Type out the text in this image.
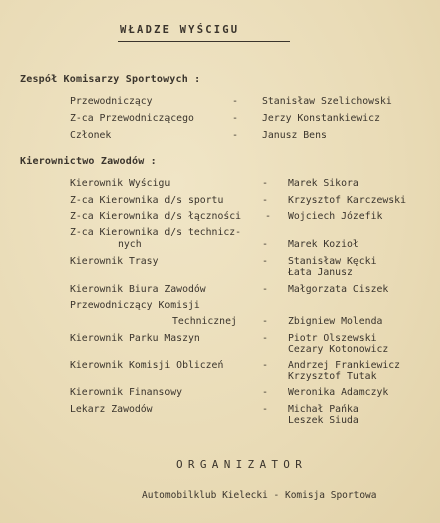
WŁADZE WYŚCIGU
Zespół Komisarzy Sportowych :
Przewodniczący	- Stanisław Szelichowski
Z-ca Przewodniczącego	- Jerzy Konstankiewicz
Członek	- Janusz Bens
Kierownictwo Zawodów :
Kierownik Wyścigu	- Marek Sikora
Z-ca Kierownika d/s sportu	- Krzysztof Karczewski
Z-ca Kierownika d/s łączności - Wojciech Józefik
Z-ca Kierownika d/s technicz-
nych	- Marek Kozioł
Kierownik Trasy	- Stanisław Kęcki
Łata Janusz
Kierownik Biura Zawodów	- Małgorzata Ciszek
Przewodniczący Komisji
Technicznej	- Zbigniew Molenda
Kierownik Parku Maszyn	- Piotr Olszewski
Cezary Kotonowicz
Kierownik Komisji Obliczeń	- Andrzej Frankiewicz
Krzysztof Tutak
Kierownik Finansowy	- Weronika Adamczyk
Lekarz Zawodów	- Michał Pańka
Leszek Siuda
ORGANIZATOR
Automobilklub Kielecki - Komisja Sportowa
